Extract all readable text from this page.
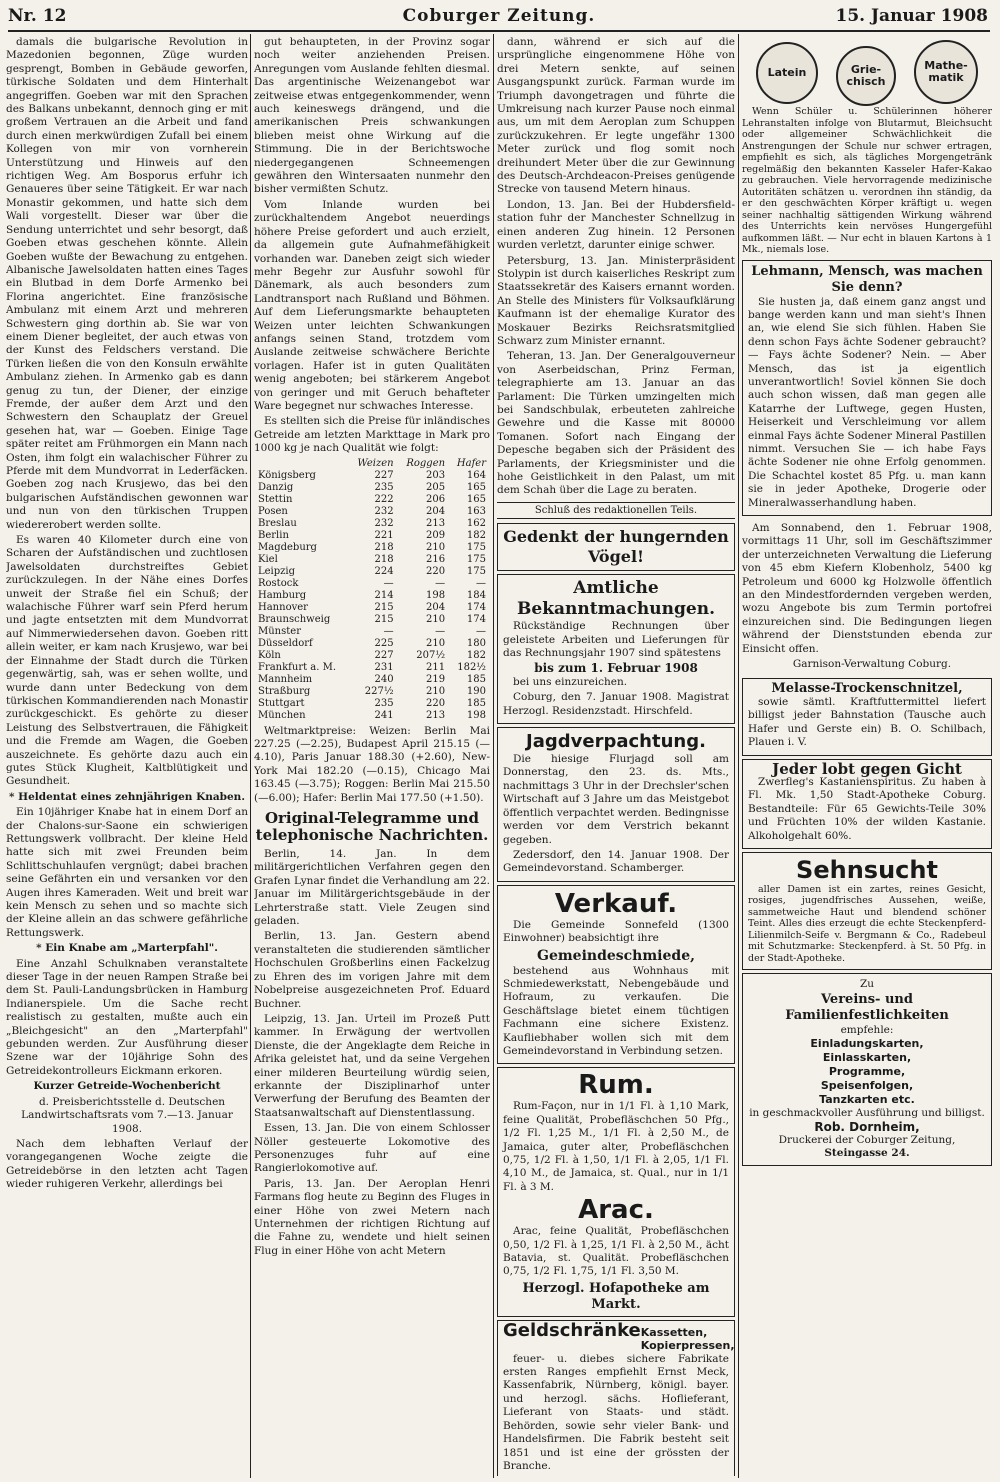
Nr. 12	Coburger Zeitung.	15. Januar 1908

damals die bulgarische Revolution in Mazedonien begonnen, Züge wurden gesprengt, Bomben in Gebäude geworfen, türkische Soldaten und dem Hinterhalt angegriffen. Goeben war mit den Sprachen des Balkans unbekannt, dennoch ging er mit großem Vertrauen an die Arbeit und fand durch einen merkwürdigen Zufall bei einem Kollegen von mir von vornherein Unterstützung und Hinweis auf den richtigen Weg. Am Bosporus erfuhr ich Genaueres über seine Tätigkeit. Er war nach Monastir gekommen, und hatte sich dem Wali vorgestellt. Dieser war über die Sendung unterrichtet und sehr besorgt, daß Goeben etwas geschehen könnte. Allein Goeben wußte der Bewachung zu entgehen. Albanische Jawelsoldaten hatten eines Tages ein Blutbad in dem Dorfe Armenko bei Florina angerichtet. Eine französische Ambulanz mit einem Arzt und mehreren Schwestern ging dorthin ab. Sie war von einem Diener begleitet, der auch etwas von der Kunst des Feldschers verstand. Die Türken ließen die von den Konsuln erwählte Ambulanz ziehen. In Armenko gab es dann genug zu tun, der Diener, der einzige Fremde, der außer dem Arzt und den Schwestern den Schauplatz der Greuel gesehen hat, war — Goeben. Einige Tage später reitet am Frühmorgen ein Mann nach Osten, ihm folgt ein walachischer Führer zu Pferde mit dem Mundvorrat in Lederfäcken. Goeben zog nach Krusjewo, das bei den bulgarischen Aufständischen gewonnen war und nun von den türkischen Truppen wiedererobert werden sollte.

Es waren 40 Kilometer durch eine von Scharen der Aufständischen und zuchtlosen Jawelsoldaten durchstreiftes Gebiet zurückzulegen. In der Nähe eines Dorfes unweit der Straße fiel ein Schuß; der walachische Führer warf sein Pferd herum und jagte entsetzten mit dem Mundvorrat auf Nimmerwiedersehen davon. Goeben ritt allein weiter, er kam nach Krusjewo, war bei der Einnahme der Stadt durch die Türken gegenwärtig, sah, was er sehen wollte, und wurde dann unter Bedeckung von dem türkischen Kommandierenden nach Monastir zurückgeschickt. Es gehörte zu dieser Leistung des Selbstvertrauen, die Fähigkeit und die Fremde am Wagen, die Goeben auszeichnete. Es gehörte dazu auch ein gutes Stück Klugheit, Kaltblütigkeit und Gesundheit.

* Heldentat eines zehnjährigen Knaben.

Ein 10jähriger Knabe hat in einem Dorf an der Chalons-sur-Saone ein schwierigen Rettungswerk vollbracht. Der kleine Held hatte sich mit zwei Freunden beim Schlittschuhlaufen vergnügt; dabei brachen seine Gefährten ein und versanken vor den Augen ihres Kameraden. Weit und breit war kein Mensch zu sehen und so machte sich der Kleine allein an das schwere gefährliche Rettungswerk.

* Ein Knabe am „Marterpfahl".

Eine Anzahl Schulknaben veranstaltete dieser Tage in der neuen Rampen Straße bei dem St. Pauli-Landungsbrücken in Hamburg Indianerspiele. Um die Sache recht realistisch zu gestalten, mußte auch ein „Bleichgesicht" an den „Marterpfahl" gebunden werden. Zur Ausführung dieser Szene war der 10jährige Sohn des Getreidekontrolleurs Eickmann erkoren.

Kurzer Getreide-Wochenbericht

d. Preisberichtsstelle d. Deutschen Landwirtschaftsrats vom 7.—13. Januar 1908.

Nach dem lebhaften Verlauf der vorangegangenen Woche zeigte die Getreidebörse in den letzten acht Tagen wieder ruhigeren Verkehr, allerdings bei

gut behaupteten, in der Provinz sogar noch weiter anziehenden Preisen. Anregungen vom Auslande fehlten diesmal. Das argentinische Weizenangebot war zeitweise etwas entgegenkommender, wenn auch keineswegs drängend, und die amerikanischen Preis schwankungen blieben meist ohne Wirkung auf die Stimmung. Die in der Berichtswoche niedergegangenen Schneemengen gewähren den Wintersaaten nunmehr den bisher vermißten Schutz.

Vom Inlande wurden bei zurückhaltendem Angebot neuerdings höhere Preise gefordert und auch erzielt, da allgemein gute Aufnahmefähigkeit vorhanden war. Daneben zeigt sich wieder mehr Begehr zur Ausfuhr sowohl für Dänemark, als auch besonders zum Landtransport nach Rußland und Böhmen. Auf dem Lieferungsmarkte behaupteten Weizen unter leichten Schwankungen anfangs seinen Stand, trotzdem vom Auslande zeitweise schwächere Berichte vorlagen. Hafer ist in guten Qualitäten wenig angeboten; bei stärkerem Angebot von geringer und mit Geruch behafteter Ware begegnet nur schwaches Interesse.

Es stellten sich die Preise für inländisches Getreide am letzten Markttage in Mark pro 1000 kg je nach Qualität wie folgt:

	Weizen	Roggen	Hafer
Königsberg	227	203	164
Danzig	235	205	165
Stettin	222	206	165
Posen	232	204	163
Breslau	232	213	162
Berlin	221	209	182
Magdeburg	218	210	175
Kiel	218	216	175
Leipzig	224	220	175
Rostock	—	—	—
Hamburg	214	198	184
Hannover	215	204	174
Braunschweig	215	210	174
Münster	—	—	—
Düsseldorf	225	210	180
Köln	227	207½	182
Frankfurt a. M.	231	211	182½
Mannheim	240	219	185
Straßburg	227½	210	190
Stuttgart	235	220	185
München	241	213	198

Weltmarktpreise: Weizen: Berlin Mai 227.25 (—2.25), Budapest April 215.15 (—4.10), Paris Januar 188.30 (+2.60), New-York Mai 182.20 (—0.15), Chicago Mai 163.45 (—3.75); Roggen: Berlin Mai 215.50 (—6.00); Hafer: Berlin Mai 177.50 (+1.50).

Original-Telegramme und telephonische Nachrichten.

Berlin, 14. Jan. In dem militärgerichtlichen Verfahren gegen den Grafen Lynar findet die Verhandlung am 22. Januar im Militärgerichtsgebäude in der Lehrterstraße statt. Viele Zeugen sind geladen.

Berlin, 13. Jan. Gestern abend veranstalteten die studierenden sämtlicher Hochschulen Großberlins einen Fackelzug zu Ehren des im vorigen Jahre mit dem Nobelpreise ausgezeichneten Prof. Eduard Buchner.

Leipzig, 13. Jan. Urteil im Prozeß Putt kammer. In Erwägung der wertvollen Dienste, die der Angeklagte dem Reiche in Afrika geleistet hat, und da seine Vergehen einer milderen Beurteilung würdig seien, erkannte der Disziplinarhof unter Verwerfung der Berufung des Beamten der Staatsanwaltschaft auf Dienstentlassung.

Essen, 13. Jan. Die von einem Schlosser Nöller gesteuerte Lokomotive des Personenzuges fuhr auf eine Rangierlokomotive auf.

Paris, 13. Jan. Der Aeroplan Henri Farmans flog heute zu Beginn des Fluges in einer Höhe von zwei Metern nach Unternehmen der richtigen Richtung auf die Fahne zu, wendete und hielt seinen Flug in einer Höhe von acht Metern

dann, während er sich auf die ursprüngliche eingenommene Höhe von drei Metern senkte, auf seinen Ausgangspunkt zurück. Farman wurde im Triumph davongetragen und führte die Umkreisung nach kurzer Pause noch einmal aus, um mit dem Aeroplan zum Schuppen zurückzukehren. Er legte ungefähr 1300 Meter zurück und flog somit noch dreihundert Meter über die zur Gewinnung des Deutsch-Archdeacon-Preises genügende Strecke von tausend Metern hinaus.

London, 13. Jan. Bei der Hubdersfield-station fuhr der Manchester Schnellzug in einen anderen Zug hinein. 12 Personen wurden verletzt, darunter einige schwer.

Petersburg, 13. Jan. Ministerpräsident Stolypin ist durch kaiserliches Reskript zum Staatssekretär des Kaisers ernannt worden. An Stelle des Ministers für Volksaufklärung Kaufmann ist der ehemalige Kurator des Moskauer Bezirks Reichsratsmitglied Schwarz zum Minister ernannt.

Teheran, 13. Jan. Der Generalgouverneur von Aserbeidschan, Prinz Ferman, telegraphierte am 13. Januar an das Parlament: Die Türken umzingelten mich bei Sandschbulak, erbeuteten zahlreiche Gewehre und die Kasse mit 80000 Tomanen. Sofort nach Eingang der Depesche begaben sich der Präsident des Parlaments, der Kriegsminister und die hohe Geistlichkeit in den Palast, um mit dem Schah über die Lage zu beraten.

Schluß des redaktionellen Teils.
Gedenkt der hungernden Vögel!
Amtliche Bekanntmachungen.

Rückständige Rechnungen über geleistete Arbeiten und Lieferungen für das Rechnungsjahr 1907 sind spätestens

bis zum 1. Februar 1908

bei uns einzureichen.

Coburg, den 7. Januar 1908. Magistrat Herzogl. Residenzstadt. Hirschfeld.

Jagdverpachtung.

Die hiesige Flurjagd soll am Donnerstag, den 23. ds. Mts., nachmittags 3 Uhr in der Drechsler'schen Wirtschaft auf 3 Jahre um das Meistgebot öffentlich verpachtet werden. Bedingnisse werden vor dem Verstrich bekannt gegeben.

Zedersdorf, den 14. Januar 1908. Der Gemeindevorstand. Schamberger.

Verkauf.

Die Gemeinde Sonnefeld (1300 Einwohner) beabsichtigt ihre

Gemeindeschmiede,

bestehend aus Wohnhaus mit Schmiedewerkstatt, Nebengebäude und Hofraum, zu verkaufen. Die Geschäftslage bietet einem tüchtigen Fachmann eine sichere Existenz. Kaufliebhaber wollen sich mit dem Gemeindevorstand in Verbindung setzen.

Rum.

Rum-Façon, nur in 1/1 Fl. à 1,10 Mark, feine Qualität, Probefläschchen 50 Pfg., 1/2 Fl. 1,25 M., 1/1 Fl. à 2,50 M., de Jamaica, guter alter, Probefläschchen 0,75, 1/2 Fl. à 1,50, 1/1 Fl. à 2,05, 1/1 Fl. 4,10 M., de Jamaica, st. Qual., nur in 1/1 Fl. à 3 M.

Arac.

Arac, feine Qualität, Probefläschchen 0,50, 1/2 Fl. à 1,25, 1/1 Fl. à 2,50 M., ächt Batavia, st. Qualität. Probefläschchen 0,75, 1/2 Fl. 1,75, 1/1 Fl. 3,50 M.

Herzogl. Hofapotheke am Markt.
Geldschränke Kassetten, Kopierpressen,

feuer- u. diebes sichere Fabrikate ersten Ranges empfiehlt Ernst Meck, Kassenfabrik, Nürnberg, königl. bayer. und herzogl. sächs. Hoflieferant, Lieferant von Staats- und städt. Behörden, sowie sehr vieler Bank- und Handelsfirmen. Die Fabrik besteht seit 1851 und ist eine der grössten der Branche.

Latein	Grie-chisch
Mathe-matik

Wenn Schüler u. Schülerinnen höherer Lehranstalten infolge von Blutarmut, Bleichsucht oder allgemeiner Schwächlichkeit die Anstrengungen der Schule nur schwer ertragen, empfiehlt es sich, als tägliches Morgengetränk regelmäßig den bekannten Kasseler Hafer-Kakao zu gebrauchen. Viele hervorragende medizinische Autoritäten schätzen u. verordnen ihn ständig, da er den geschwächten Körper kräftigt u. wegen seiner nachhaltig sättigenden Wirkung während des Unterrichts kein nervöses Hungergefühl aufkommen läßt. — Nur echt in blauen Kartons à 1 Mk., niemals lose.

Lehmann, Mensch, was machen Sie denn?

Sie husten ja, daß einem ganz angst und bange werden kann und man sieht's Ihnen an, wie elend Sie sich fühlen. Haben Sie denn schon Fays ächte Sodener gebraucht? — Fays ächte Sodener? Nein. — Aber Mensch, das ist ja eigentlich unverantwortlich! Soviel können Sie doch auch schon wissen, daß man gegen alle Katarrhe der Luftwege, gegen Husten, Heiserkeit und Verschleimung vor allem einmal Fays ächte Sodener Mineral Pastillen nimmt. Versuchen Sie — ich habe Fays ächte Sodener nie ohne Erfolg genommen. Die Schachtel kostet 85 Pfg. u. man kann sie in jeder Apotheke, Drogerie oder Mineralwasserhandlung haben.

Am Sonnabend, den 1. Februar 1908, vormittags 11 Uhr, soll im Geschäftszimmer der unterzeichneten Verwaltung die Lieferung von 45 ebm Kiefern Klobenholz, 5400 kg Petroleum und 6000 kg Holzwolle öffentlich an den Mindestfordernden vergeben werden, wozu Angebote bis zum Termin portofrei einzureichen sind. Die Bedingungen liegen während der Dienststunden ebenda zur Einsicht offen.

Garnison-Verwaltung Coburg.

Melasse-Trockenschnitzel,

sowie sämtl. Kraftfuttermittel liefert billigst jeder Bahnstation (Tausche auch Hafer und Gerste ein) B. O. Schilbach, Plauen i. V.

Jeder lobt gegen Gicht

Zwerfleg's Kastanienspiritus. Zu haben à Fl. Mk. 1,50 Stadt-Apotheke Coburg. Bestandteile: Für 65 Gewichts-Teile 30% und Früchten 10% der wilden Kastanie. Alkoholgehalt 60%.

Sehnsucht

aller Damen ist ein zartes, reines Gesicht, rosiges, jugendfrisches Aussehen, weiße, sammetweiche Haut und blendend schöner Teint. Alles dies erzeugt die echte Steckenpferd-Lilienmilch-Seife v. Bergmann & Co., Radebeul mit Schutzmarke: Steckenpferd. à St. 50 Pfg. in der Stadt-Apotheke.

Zu
Vereins- und Familienfestlichkeiten
empfehle:
Einladungskarten,
Einlasskarten,
Programme,
Speisenfolgen,
Tanzkarten etc.
in geschmackvoller Ausführung und billigst.
Rob. Dornheim,
Druckerei der Coburger Zeitung,
Steingasse 24.
